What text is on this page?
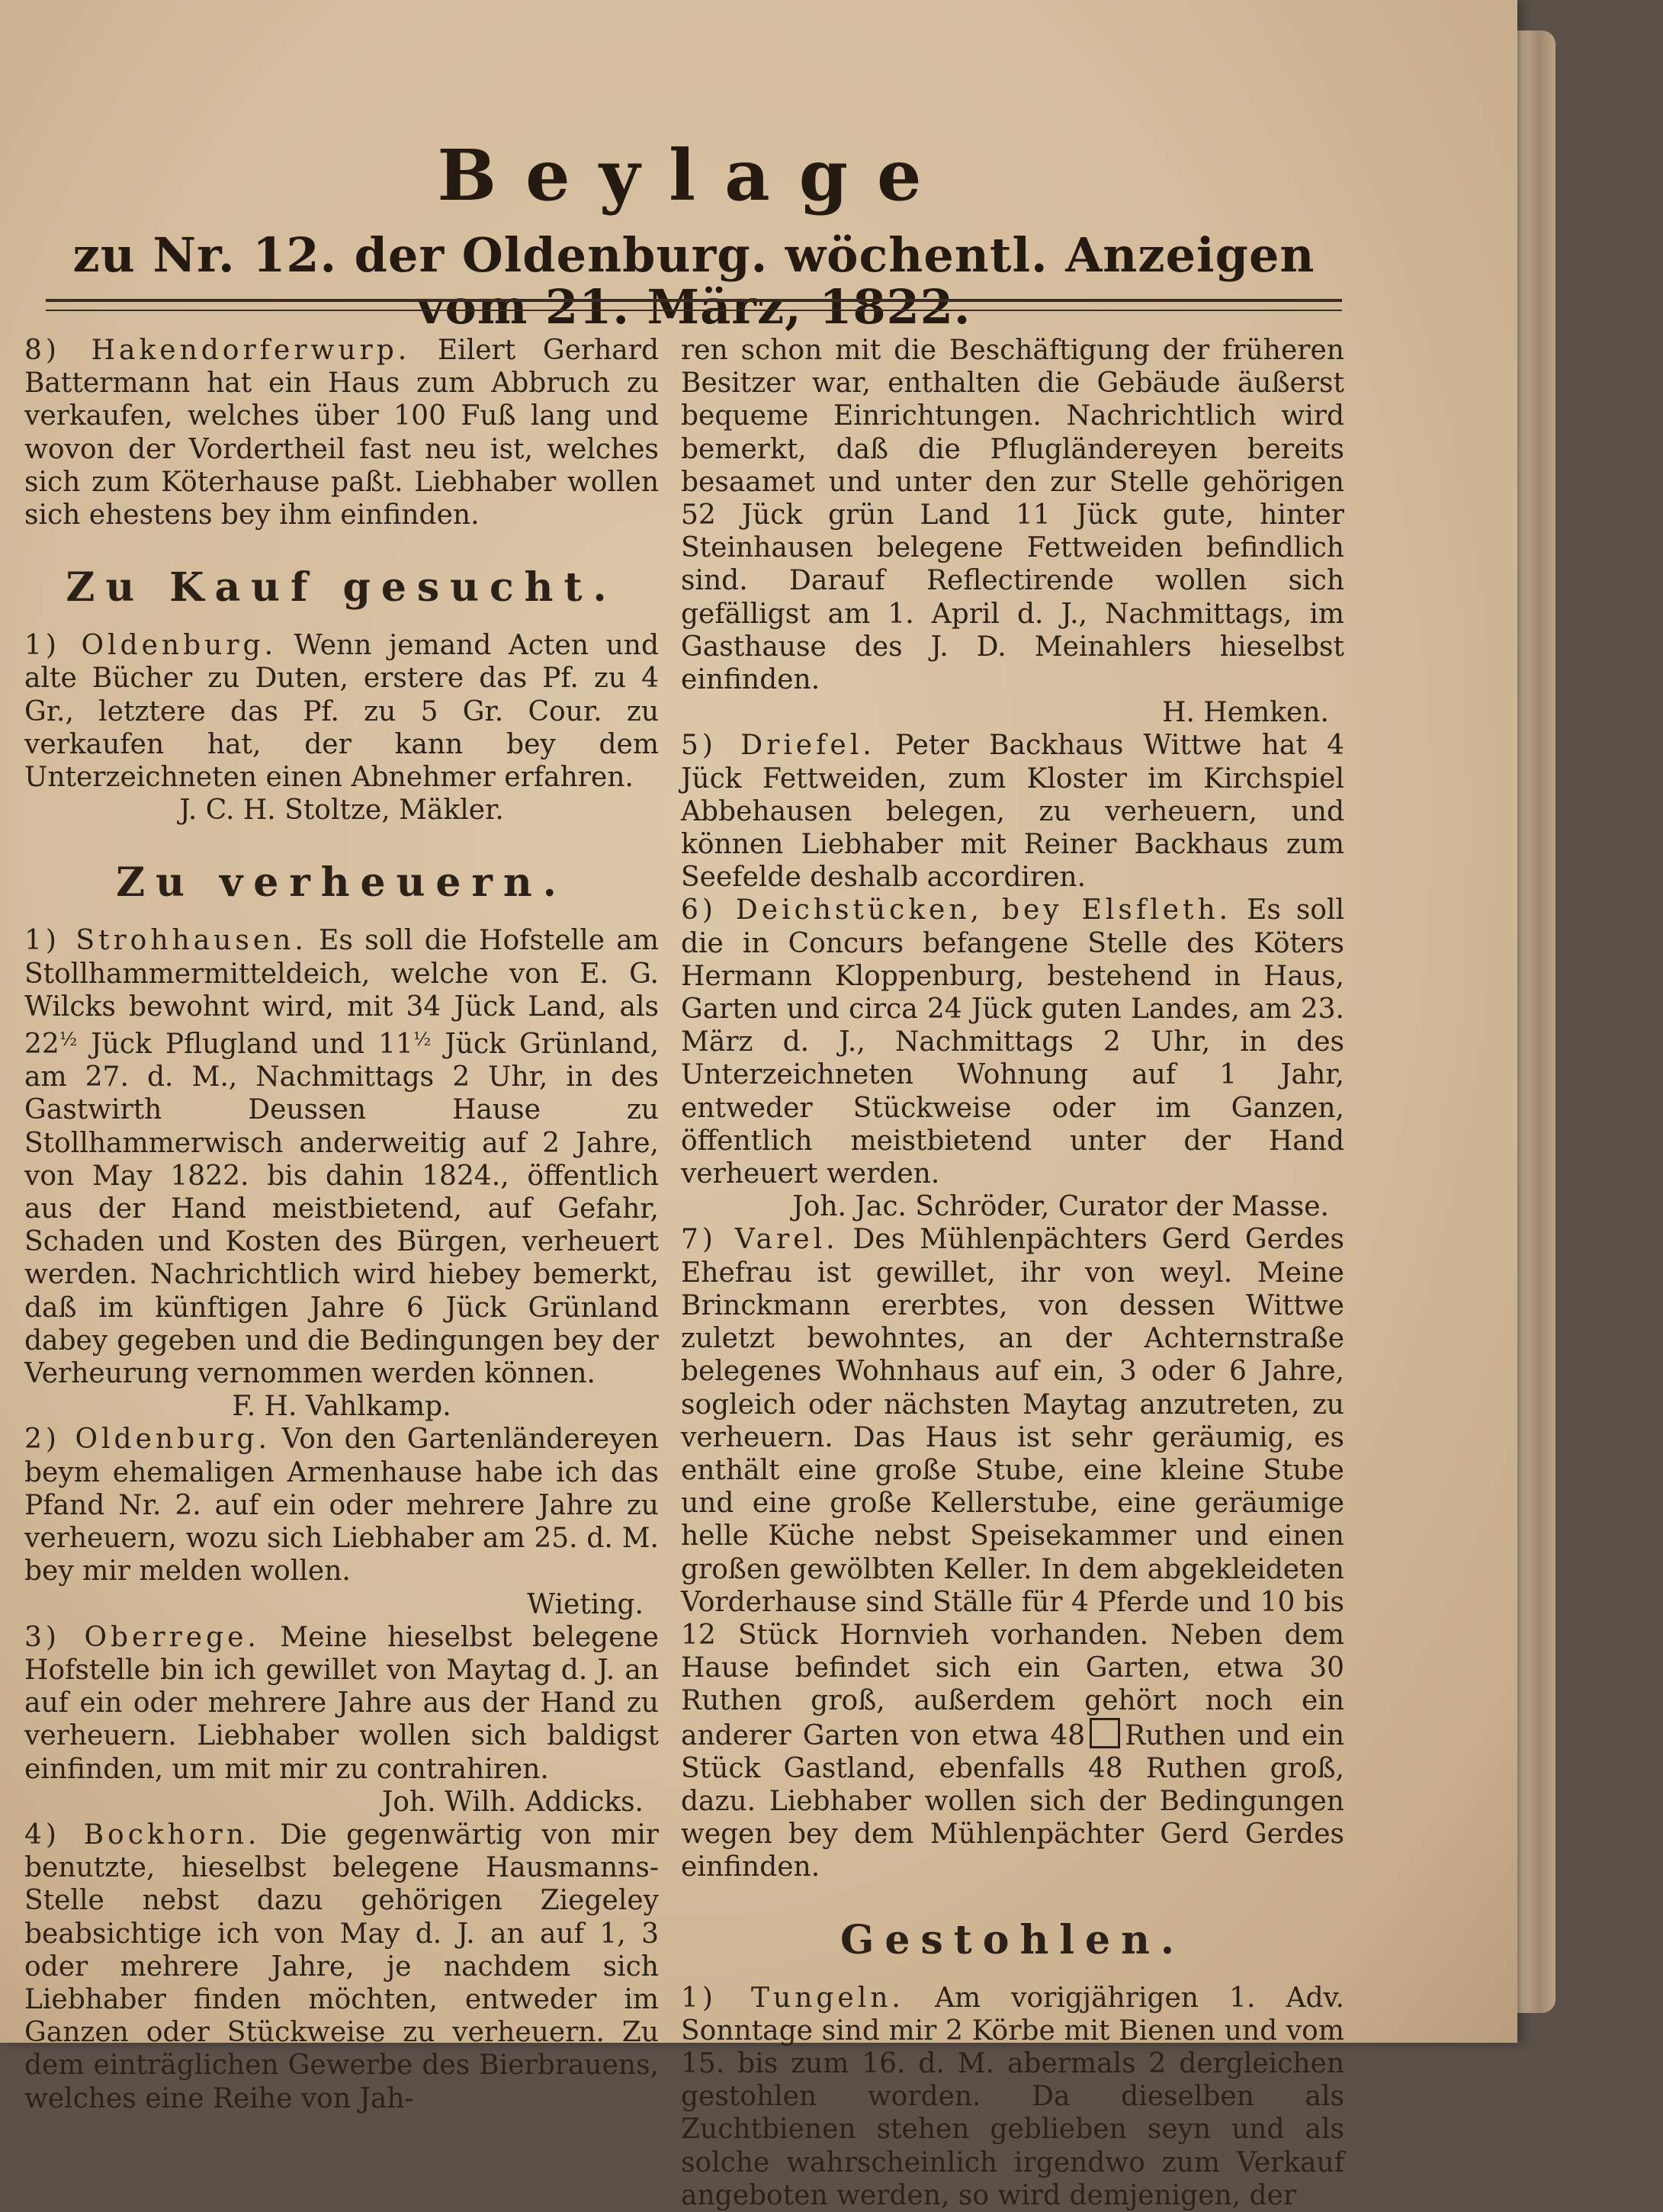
Beylage
zu Nr. 12. der Oldenburg. wöchentl. Anzeigen vom 21. März, 1822.

8) Hakendorferwurp. Eilert Gerhard Battermann hat ein Haus zum Abbruch zu verkaufen, welches über 100 Fuß lang und wovon der Vordertheil fast neu ist, welches sich zum Köterhause paßt. Liebhaber wollen sich ehestens bey ihm einfinden.

Zu Kauf gesucht.

1) Oldenburg. Wenn jemand Acten und alte Bücher zu Duten, erstere das Pf. zu 4 Gr., letztere das Pf. zu 5 Gr. Cour. zu verkaufen hat, der kann bey dem Unterzeichneten einen Abnehmer erfahren.

J. C. H. Stoltze, Mäkler.

Zu verheuern.

1) Strohhausen. Es soll die Hofstelle am Stollhammermitteldeich, welche von E. G. Wilcks bewohnt wird, mit 34 Jück Land, als $22^{\frac{1}{2}}$ Jück Pflugland und $11^{\frac{1}{2}}$ Jück Grünland, am 27. d. M., Nachmittags 2 Uhr, in des Gastwirth Deussen Hause zu Stollhammerwisch anderweitig auf 2 Jahre, von May 1822. bis dahin 1824., öffentlich aus der Hand meistbietend, auf Gefahr, Schaden und Kosten des Bürgen, verheuert werden. Nachrichtlich wird hiebey bemerkt, daß im künftigen Jahre 6 Jück Grünland dabey gegeben und die Bedingungen bey der Verheurung vernommen werden können.

F. H. Vahlkamp.

2) Oldenburg. Von den Gartenländereyen beym ehemaligen Armenhause habe ich das Pfand Nr. 2. auf ein oder mehrere Jahre zu verheuern, wozu sich Liebhaber am 25. d. M. bey mir melden wollen.

Wieting.

3) Oberrege. Meine hieselbst belegene Hofstelle bin ich gewillet von Maytag d. J. an auf ein oder mehrere Jahre aus der Hand zu verheuern. Liebhaber wollen sich baldigst einfinden, um mit mir zu contrahiren.

Joh. Wilh. Addicks.

4) Bockhorn. Die gegenwärtig von mir benutzte, hieselbst belegene Hausmanns-Stelle nebst dazu gehörigen Ziegeley beabsichtige ich von May d. J. an auf 1, 3 oder mehrere Jahre, je nachdem sich Liebhaber finden möchten, entweder im Ganzen oder Stückweise zu verheuern. Zu dem einträglichen Gewerbe des Bierbrauens, welches eine Reihe von Jah-

ren schon mit die Beschäftigung der früheren Besitzer war, enthalten die Gebäude äußerst bequeme Einrichtungen. Nachrichtlich wird bemerkt, daß die Pflugländereyen bereits besaamet und unter den zur Stelle gehörigen 52 Jück grün Land 11 Jück gute, hinter Steinhausen belegene Fettweiden befindlich sind. Darauf Reflectirende wollen sich gefälligst am 1. April d. J., Nachmittags, im Gasthause des J. D. Meinahlers hieselbst einfinden.

H. Hemken.

5) Driefel. Peter Backhaus Wittwe hat 4 Jück Fettweiden, zum Kloster im Kirchspiel Abbehausen belegen, zu verheuern, und können Liebhaber mit Reiner Backhaus zum Seefelde deshalb accordiren.

6) Deichstücken, bey Elsfleth. Es soll die in Concurs befangene Stelle des Köters Hermann Kloppenburg, bestehend in Haus, Garten und circa 24 Jück guten Landes, am 23. März d. J., Nachmittags 2 Uhr, in des Unterzeichneten Wohnung auf 1 Jahr, entweder Stückweise oder im Ganzen, öffentlich meistbietend unter der Hand verheuert werden.

Joh. Jac. Schröder, Curator der Masse.

7) Varel. Des Mühlenpächters Gerd Gerdes Ehefrau ist gewillet, ihr von weyl. Meine Brinckmann ererbtes, von dessen Wittwe zuletzt bewohntes, an der Achternstraße belegenes Wohnhaus auf ein, 3 oder 6 Jahre, sogleich oder nächsten Maytag anzutreten, zu verheuern. Das Haus ist sehr geräumig, es enthält eine große Stube, eine kleine Stube und eine große Kellerstube, eine geräumige helle Küche nebst Speisekammer und einen großen gewölbten Keller. In dem abgekleideten Vorderhause sind Ställe für 4 Pferde und 10 bis 12 Stück Hornvieh vorhanden. Neben dem Hause befindet sich ein Garten, etwa 30 Ruthen groß, außerdem gehört noch ein anderer Garten von etwa 48 Ruthen und ein Stück Gastland, ebenfalls 48 Ruthen groß, dazu. Liebhaber wollen sich der Bedingungen wegen bey dem Mühlenpächter Gerd Gerdes einfinden.

Gestohlen.

1) Tungeln. Am vorigjährigen 1. Adv. Sonntage sind mir 2 Körbe mit Bienen und vom 15. bis zum 16. d. M. abermals 2 dergleichen gestohlen worden. Da dieselben als Zuchtbienen stehen geblieben seyn und als solche wahrscheinlich irgendwo zum Verkauf angeboten werden, so wird demjenigen, der
